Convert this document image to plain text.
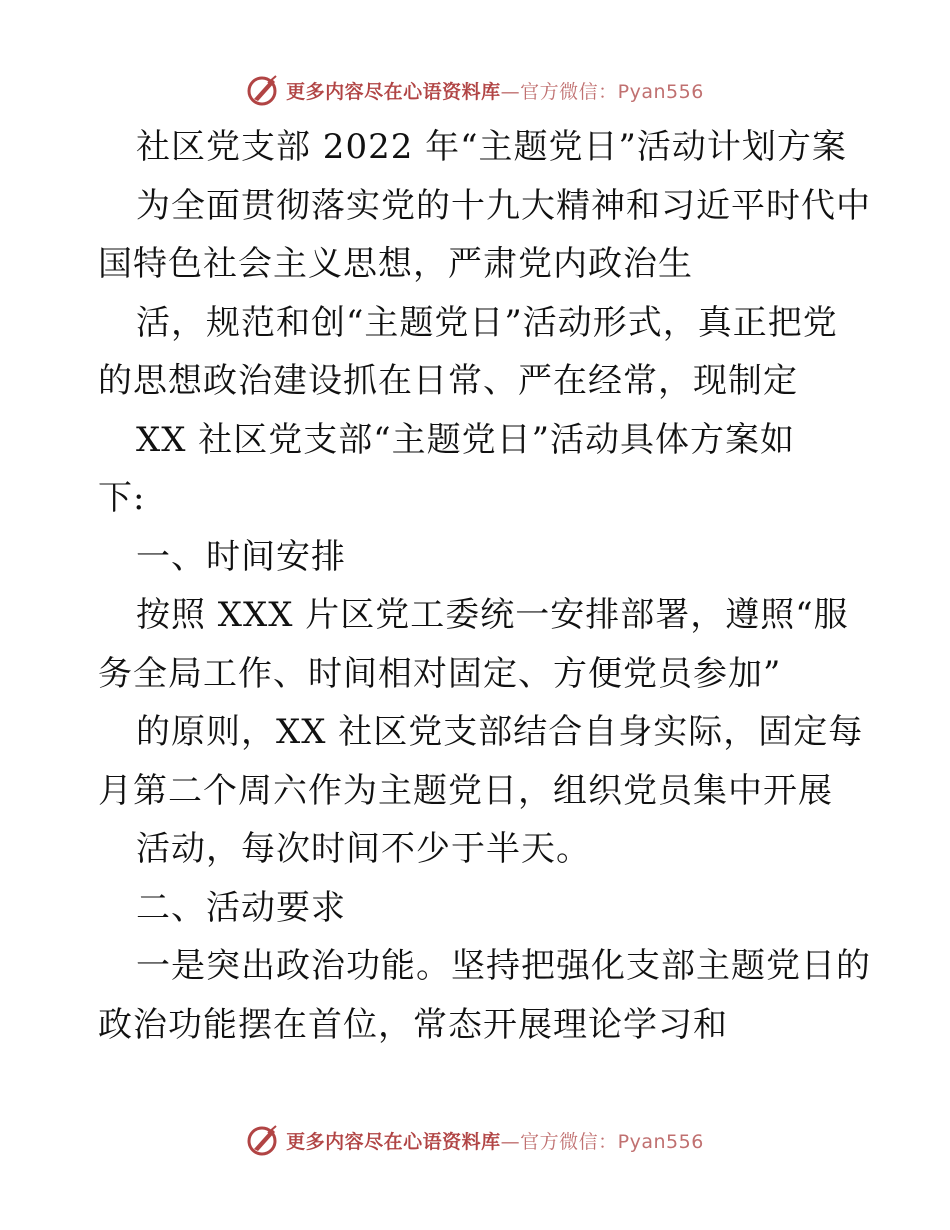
更多内容尽在心语资料库—官方微信：Pyan556
社区党支部 2022 年“主题党日”活动计划方案
为全面贯彻落实党的十九大精神和习近平时代中
国特色社会主义思想，严肃党内政治生
活，规范和创“主题党日”活动形式，真正把党
的思想政治建设抓在日常、严在经常，现制定
XX 社区党支部“主题党日”活动具体方案如
下:
一、时间安排
按照 XXX 片区党工委统一安排部署，遵照“服
务全局工作、时间相对固定、方便党员参加”
的原则，XX 社区党支部结合自身实际，固定每
月第二个周六作为主题党日，组织党员集中开展
活动，每次时间不少于半天。
二、活动要求
一是突出政治功能。坚持把强化支部主题党日的
政治功能摆在首位，常态开展理论学习和
更多内容尽在心语资料库—官方微信：Pyan556
